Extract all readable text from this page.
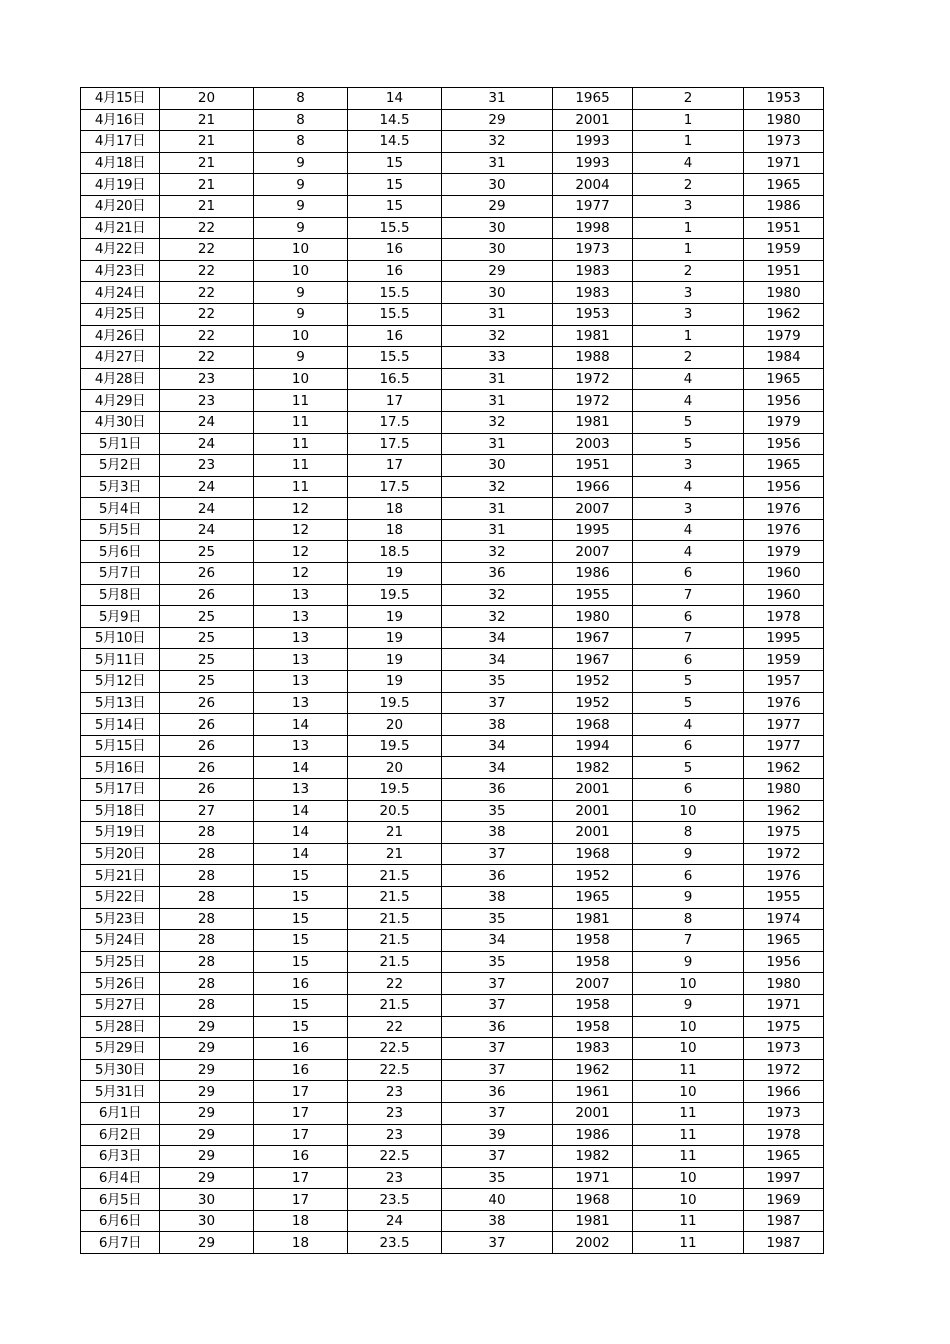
4月15日	20	8	14	31	1965	2	1953
4月16日	21	8	14.5	29	2001	1	1980
4月17日	21	8	14.5	32	1993	1	1973
4月18日	21	9	15	31	1993	4	1971
4月19日	21	9	15	30	2004	2	1965
4月20日	21	9	15	29	1977	3	1986
4月21日	22	9	15.5	30	1998	1	1951
4月22日	22	10	16	30	1973	1	1959
4月23日	22	10	16	29	1983	2	1951
4月24日	22	9	15.5	30	1983	3	1980
4月25日	22	9	15.5	31	1953	3	1962
4月26日	22	10	16	32	1981	1	1979
4月27日	22	9	15.5	33	1988	2	1984
4月28日	23	10	16.5	31	1972	4	1965
4月29日	23	11	17	31	1972	4	1956
4月30日	24	11	17.5	32	1981	5	1979
5月1日	24	11	17.5	31	2003	5	1956
5月2日	23	11	17	30	1951	3	1965
5月3日	24	11	17.5	32	1966	4	1956
5月4日	24	12	18	31	2007	3	1976
5月5日	24	12	18	31	1995	4	1976
5月6日	25	12	18.5	32	2007	4	1979
5月7日	26	12	19	36	1986	6	1960
5月8日	26	13	19.5	32	1955	7	1960
5月9日	25	13	19	32	1980	6	1978
5月10日	25	13	19	34	1967	7	1995
5月11日	25	13	19	34	1967	6	1959
5月12日	25	13	19	35	1952	5	1957
5月13日	26	13	19.5	37	1952	5	1976
5月14日	26	14	20	38	1968	4	1977
5月15日	26	13	19.5	34	1994	6	1977
5月16日	26	14	20	34	1982	5	1962
5月17日	26	13	19.5	36	2001	6	1980
5月18日	27	14	20.5	35	2001	10	1962
5月19日	28	14	21	38	2001	8	1975
5月20日	28	14	21	37	1968	9	1972
5月21日	28	15	21.5	36	1952	6	1976
5月22日	28	15	21.5	38	1965	9	1955
5月23日	28	15	21.5	35	1981	8	1974
5月24日	28	15	21.5	34	1958	7	1965
5月25日	28	15	21.5	35	1958	9	1956
5月26日	28	16	22	37	2007	10	1980
5月27日	28	15	21.5	37	1958	9	1971
5月28日	29	15	22	36	1958	10	1975
5月29日	29	16	22.5	37	1983	10	1973
5月30日	29	16	22.5	37	1962	11	1972
5月31日	29	17	23	36	1961	10	1966
6月1日	29	17	23	37	2001	11	1973
6月2日	29	17	23	39	1986	11	1978
6月3日	29	16	22.5	37	1982	11	1965
6月4日	29	17	23	35	1971	10	1997
6月5日	30	17	23.5	40	1968	10	1969
6月6日	30	18	24	38	1981	11	1987
6月7日	29	18	23.5	37	2002	11	1987
